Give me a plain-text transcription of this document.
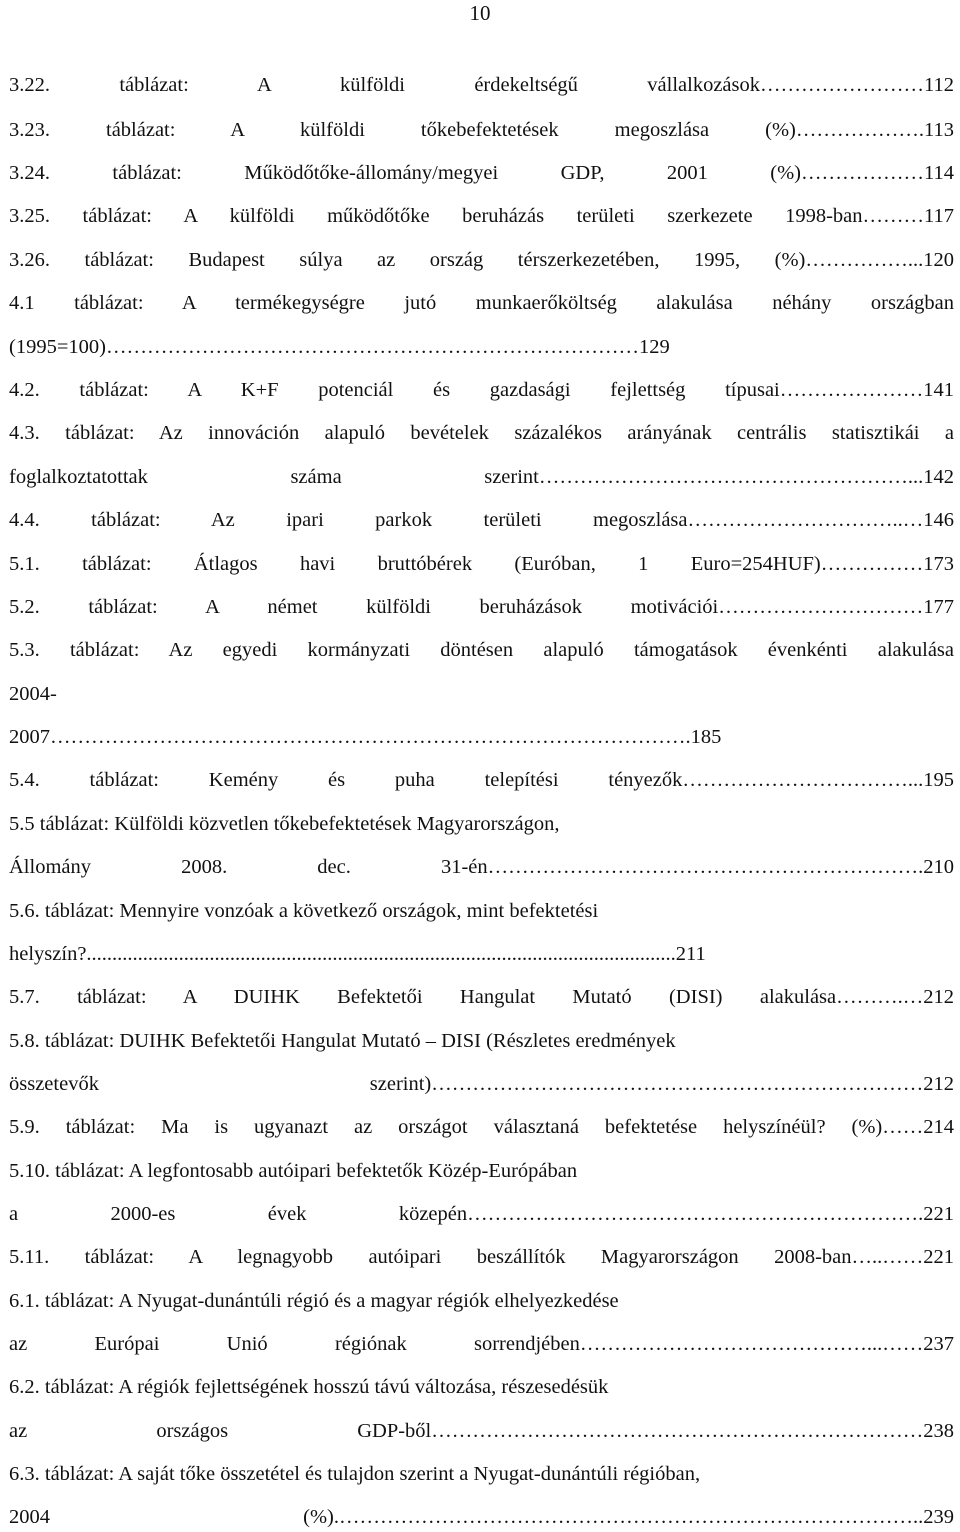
10
3.22. táblázat: A külföldi érdekeltségű vállalkozások……………………112
3.23. táblázat: A külföldi tőkebefektetések megoszlása (%)……………….113
3.24. táblázat: Működőtőke-állomány/megyei GDP, 2001 (%)………………114
3.25. táblázat: A külföldi működőtőke beruházás területi szerkezete 1998-ban………117
3.26. táblázat: Budapest súlya az ország térszerkezetében, 1995, (%)……………...120
4.1 táblázat: A termékegységre jutó munkaerőköltség alakulása néhány országban
(1995=100)……………………………………………………………………129
4.2. táblázat: A K+F potenciál és gazdasági fejlettség típusai…………………141
4.3. táblázat: Az innováción alapuló bevételek százalékos arányának centrális statisztikái a
foglalkoztatottak száma szerint………………………………………………...142
4.4. táblázat: Az ipari parkok területi megoszlása…………………………..…146
5.1. táblázat: Átlagos havi bruttóbérek (Euróban, 1 Euro=254HUF)……………173
5.2. táblázat: A német külföldi beruházások motivációi…………………………177
5.3. táblázat: Az egyedi kormányzati döntésen alapuló támogatások évenkénti alakulása
2004-
2007………………………………………………………………………………….185
5.4. táblázat: Kemény és puha telepítési tényezők……………………………...195
5.5 táblázat: Külföldi közvetlen tőkebefektetések Magyarországon,
Állomány 2008. dec. 31-én……………………………………………………….210
5.6. táblázat: Mennyire vonzóak a következő országok, mint befektetési
helyszín?...................................................................................................................211
5.7. táblázat: A DUIHK Befektetői Hangulat Mutató (DISI) alakulása……….…212
5.8. táblázat: DUIHK Befektetői Hangulat Mutató – DISI (Részletes eredmények
összetevők szerint)………………………………………………………………212
5.9. táblázat: Ma is ugyanazt az országot választaná befektetése helyszínéül? (%)……214
5.10. táblázat: A legfontosabb autóipari befektetők Közép-Európában
a 2000-es évek közepén………………………………………………………….221
5.11. táblázat: A legnagyobb autóipari beszállítók Magyarországon 2008-ban…..……221
6.1. táblázat: A Nyugat-dunántúli régió és a magyar régiók elhelyezkedése
az Európai Unió régiónak sorrendjében……………………………………...……237
6.2. táblázat: A régiók fejlettségének hosszú távú változása, részesedésük
az országos GDP-ből………………………………………………………………238
6.3. táblázat: A saját tőke összetétel és tulajdon szerint a Nyugat-dunántúli régióban,
2004 (%).…………………………………………………………………………..239
